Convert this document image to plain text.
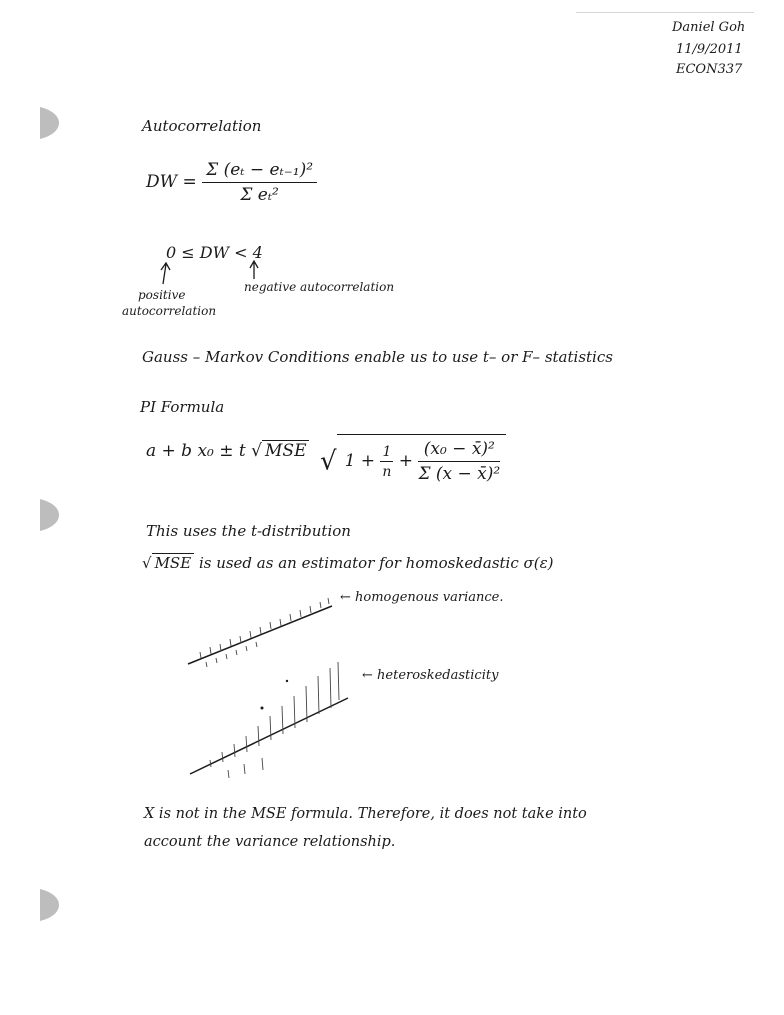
Daniel Goh
11/9/2011
ECON337
Autocorrelation
DW = $\frac{\text{Σ (eₜ − eₜ₋₁)²}}{\text{Σ eₜ²}}$
0 ≤ DW < 4
positive
autocorrelation
negative autocorrelation
Gauss – Markov Conditions enable us to use t– or F– statistics
PI Formula
a + b x₀ ± t √ MSE √ $1 + \frac{1}{n} + \frac{\text{(x₀ − x̄)²}}{\text{Σ (x − x̄)²}}$
This uses the t-distribution
√ MSE is used as an estimator for homoskedastic σ(ε)
← homogenous variance.
← heteroskedasticity
X is not in the MSE formula. Therefore, it does not take into
account the variance relationship.
